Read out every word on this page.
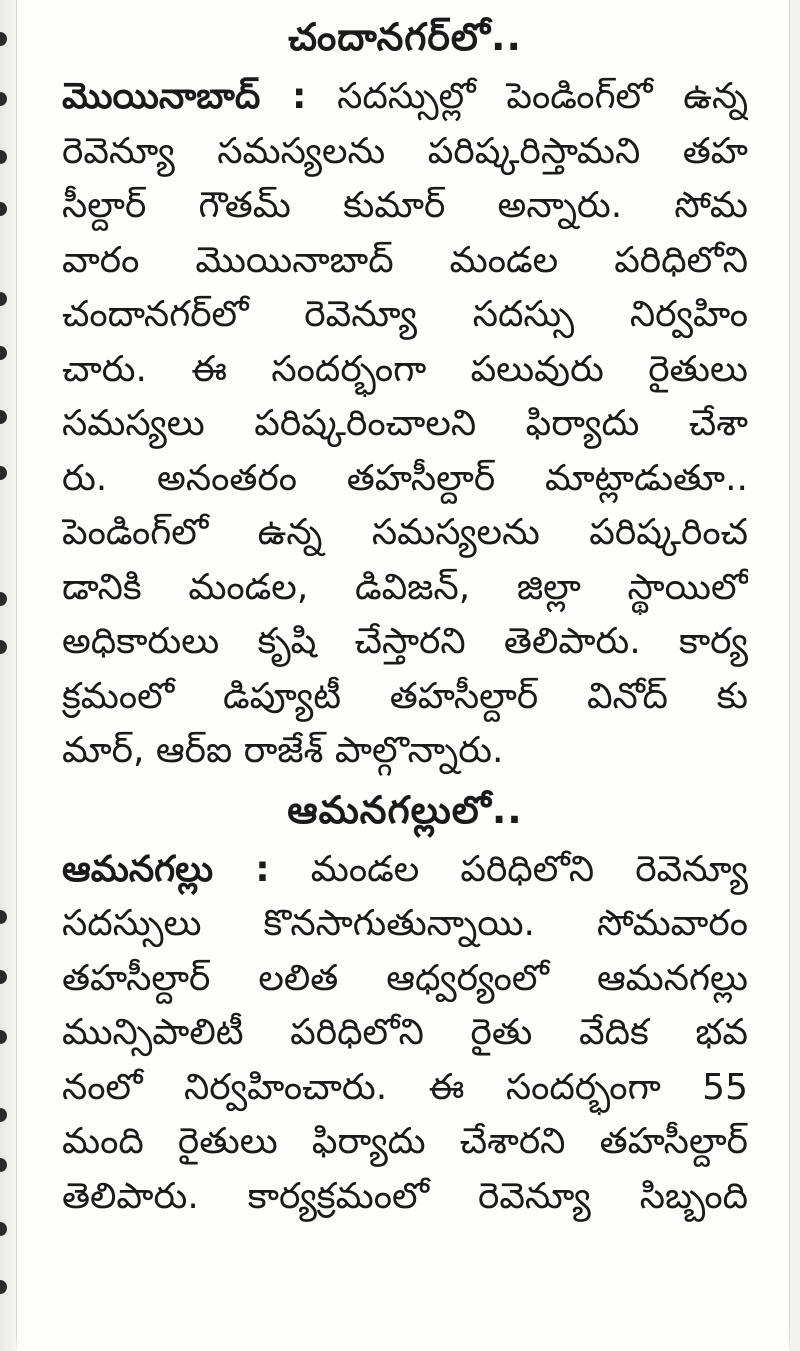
చందానగర్‌లో..
మొయినాబాద్ : సదస్సుల్లో పెండింగ్‌లో ఉన్న
రెవెన్యూ సమస్యలను పరిష్కరిస్తామని తహ
సీల్దార్ గౌతమ్ కుమార్ అన్నారు. సోమ
వారం మొయినాబాద్ మండల పరిధిలోని
చందానగర్‌లో రెవెన్యూ సదస్సు నిర్వహిం
చారు. ఈ సందర్భంగా పలువురు రైతులు
సమస్యలు పరిష్కరించాలని ఫిర్యాదు చేశా
రు. అనంతరం తహసీల్దార్ మాట్లాడుతూ..
పెండింగ్‌లో ఉన్న సమస్యలను పరిష్కరించ
డానికి మండల, డివిజన్, జిల్లా స్థాయిలో
అధికారులు కృషి చేస్తారని తెలిపారు. కార్య
క్రమంలో డిప్యూటీ తహసీల్దార్ వినోద్ కు
మార్, ఆర్‌ఐ రాజేశ్ పాల్గొన్నారు.
ఆమనగల్లులో..
ఆమనగల్లు : మండల పరిధిలోని రెవెన్యూ
సదస్సులు కొనసాగుతున్నాయి. సోమవారం
తహసీల్దార్ లలిత ఆధ్వర్యంలో ఆమనగల్లు
మున్సిపాలిటీ పరిధిలోని రైతు వేదిక భవ
నంలో నిర్వహించారు. ఈ సందర్భంగా 55
మంది రైతులు ఫిర్యాదు చేశారని తహసీల్దార్
తెలిపారు. కార్యక్రమంలో రెవెన్యూ సిబ్బంది
